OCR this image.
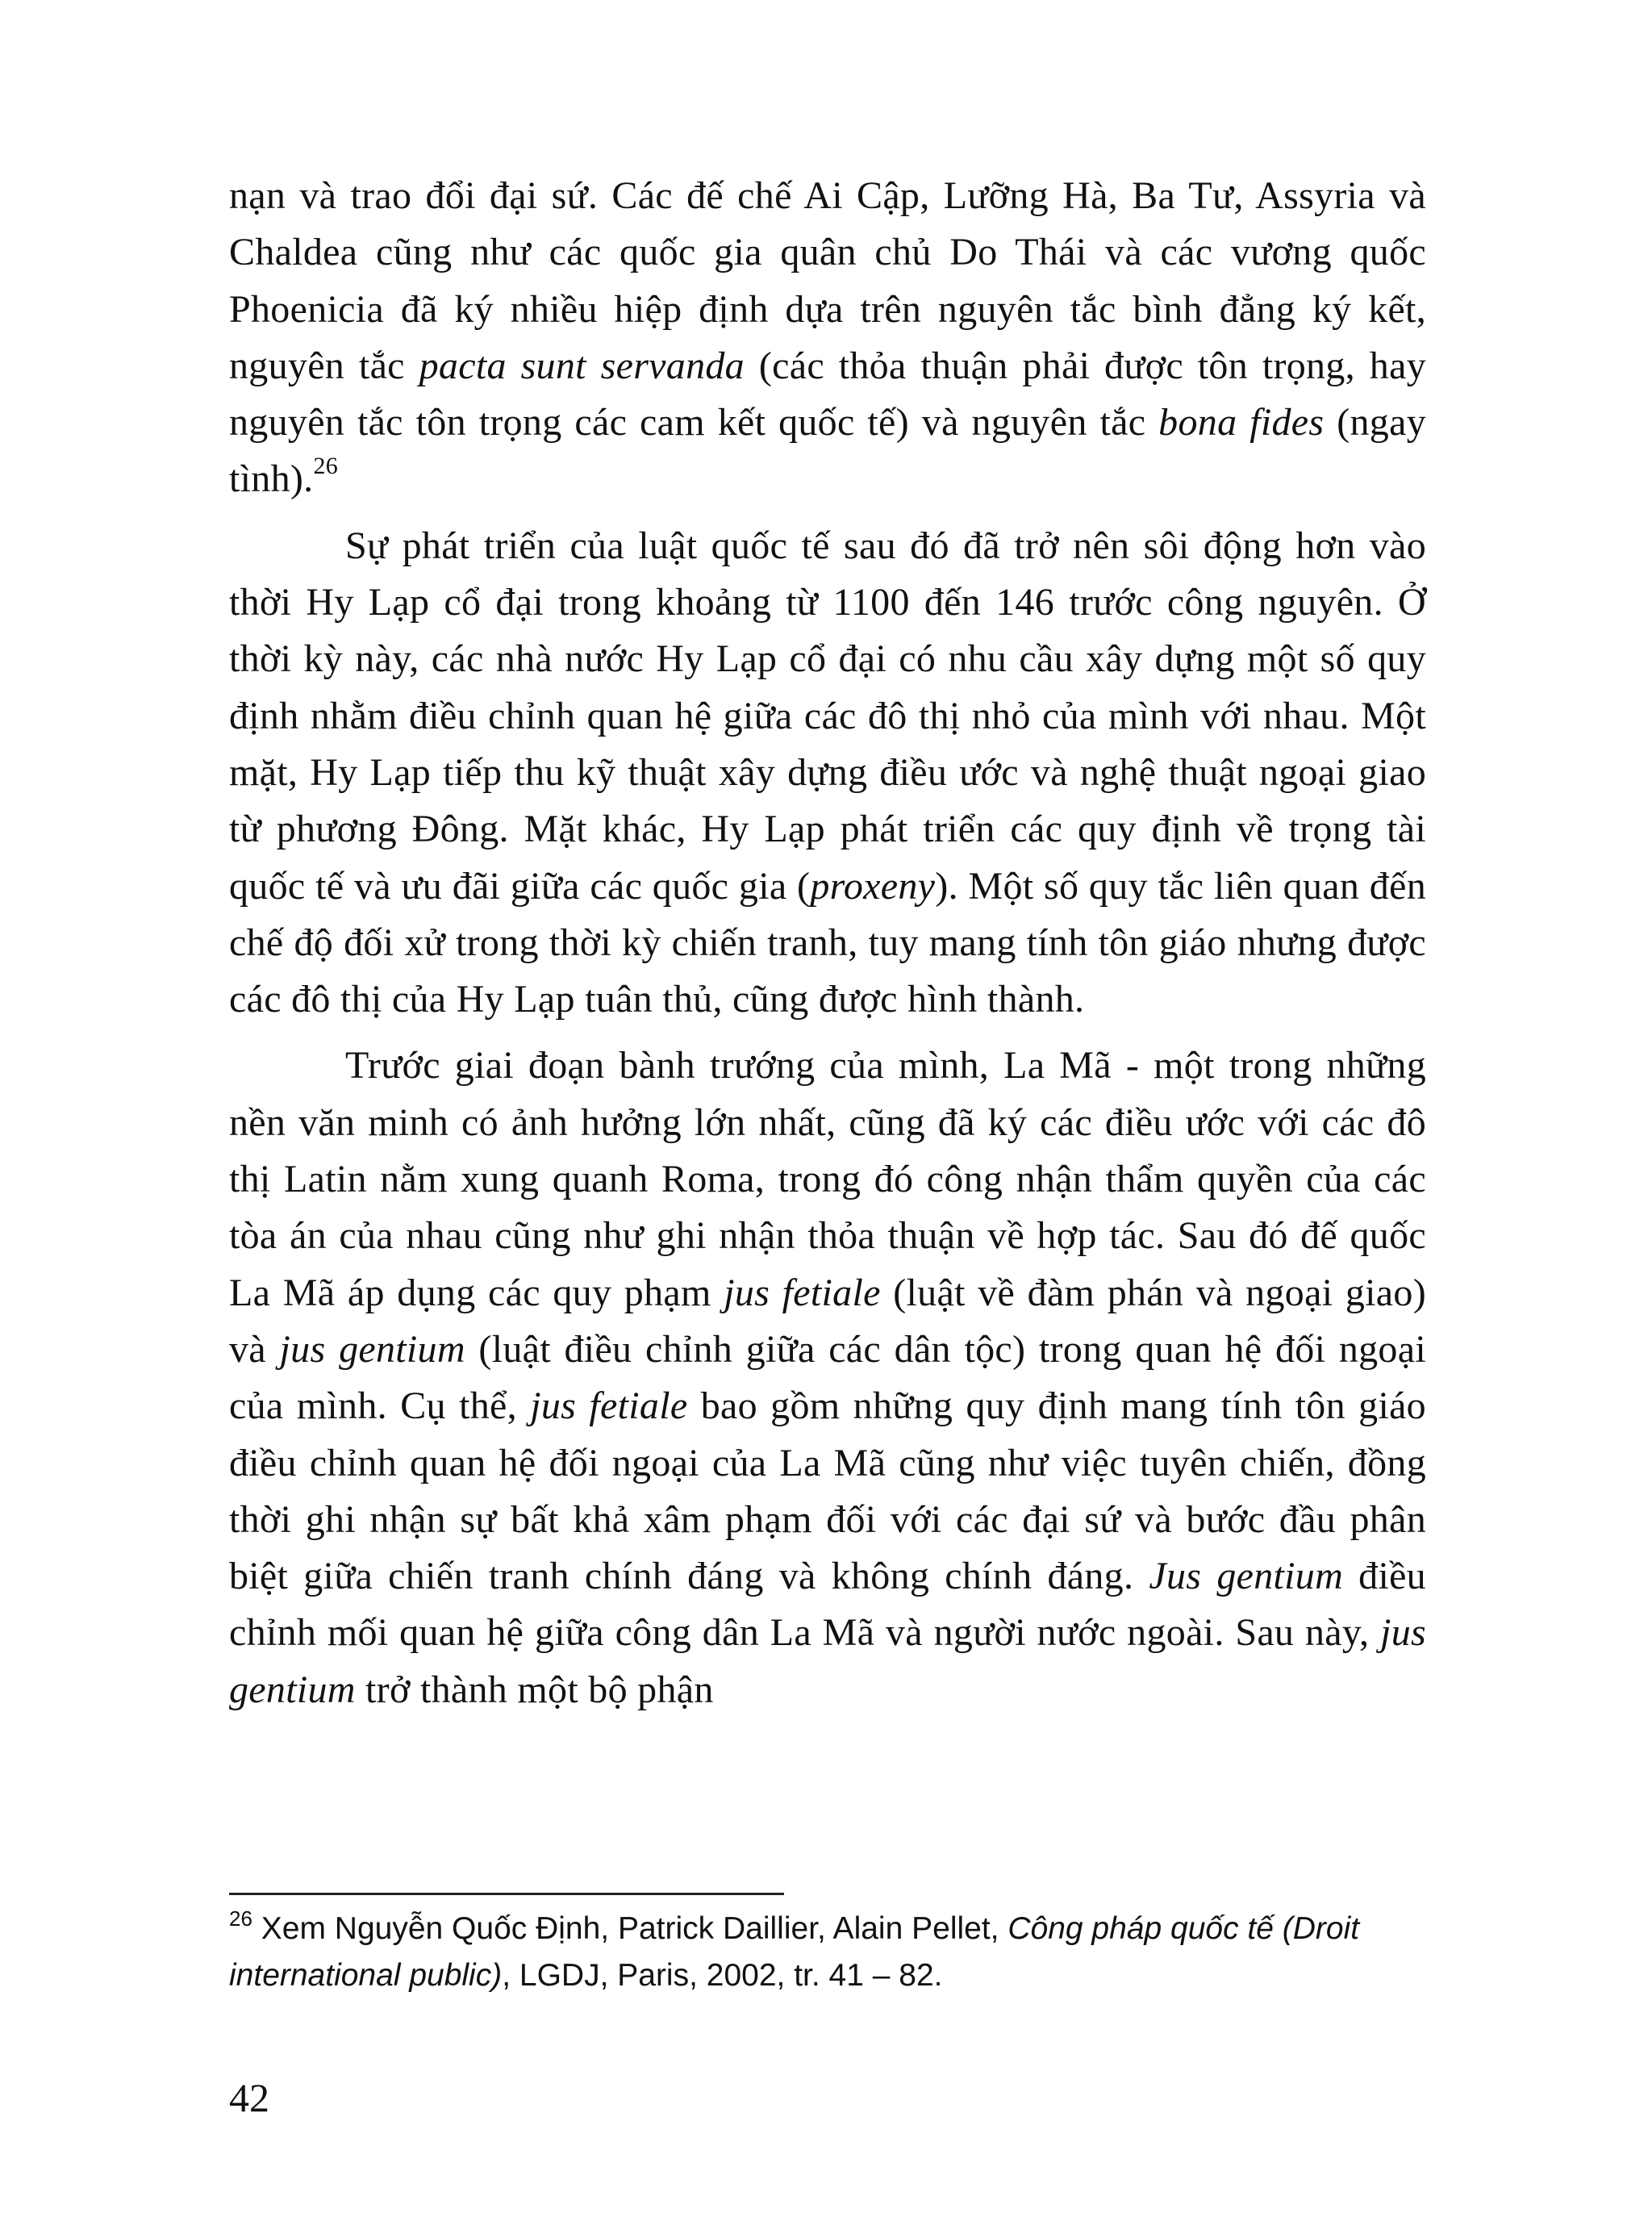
nạn và trao đổi đại sứ. Các đế chế Ai Cập, Lưỡng Hà, Ba Tư, Assyria và Chaldea cũng như các quốc gia quân chủ Do Thái và các vương quốc Phoenicia đã ký nhiều hiệp định dựa trên nguyên tắc bình đẳng ký kết, nguyên tắc pacta sunt servanda (các thỏa thuận phải được tôn trọng, hay nguyên tắc tôn trọng các cam kết quốc tế) và nguyên tắc bona fides (ngay tình).$^{26}$

Sự phát triển của luật quốc tế sau đó đã trở nên sôi động hơn vào thời Hy Lạp cổ đại trong khoảng từ 1100 đến 146 trước công nguyên. Ở thời kỳ này, các nhà nước Hy Lạp cổ đại có nhu cầu xây dựng một số quy định nhằm điều chỉnh quan hệ giữa các đô thị nhỏ của mình với nhau. Một mặt, Hy Lạp tiếp thu kỹ thuật xây dựng điều ước và nghệ thuật ngoại giao từ phương Đông. Mặt khác, Hy Lạp phát triển các quy định về trọng tài quốc tế và ưu đãi giữa các quốc gia (proxeny). Một số quy tắc liên quan đến chế độ đối xử trong thời kỳ chiến tranh, tuy mang tính tôn giáo nhưng được các đô thị của Hy Lạp tuân thủ, cũng được hình thành.

Trước giai đoạn bành trướng của mình, La Mã - một trong những nền văn minh có ảnh hưởng lớn nhất, cũng đã ký các điều ước với các đô thị Latin nằm xung quanh Roma, trong đó công nhận thẩm quyền của các tòa án của nhau cũng như ghi nhận thỏa thuận về hợp tác. Sau đó đế quốc La Mã áp dụng các quy phạm jus fetiale (luật về đàm phán và ngoại giao) và jus gentium (luật điều chỉnh giữa các dân tộc) trong quan hệ đối ngoại của mình. Cụ thể, jus fetiale bao gồm những quy định mang tính tôn giáo điều chỉnh quan hệ đối ngoại của La Mã cũng như việc tuyên chiến, đồng thời ghi nhận sự bất khả xâm phạm đối với các đại sứ và bước đầu phân biệt giữa chiến tranh chính đáng và không chính đáng. Jus gentium điều chỉnh mối quan hệ giữa công dân La Mã và người nước ngoài. Sau này, jus gentium trở thành một bộ phận

$^{26}$ Xem Nguyễn Quốc Định, Patrick Daillier, Alain Pellet, Công pháp quốc tế (Droit international public), LGDJ, Paris, 2002, tr. 41 – 82.

42
